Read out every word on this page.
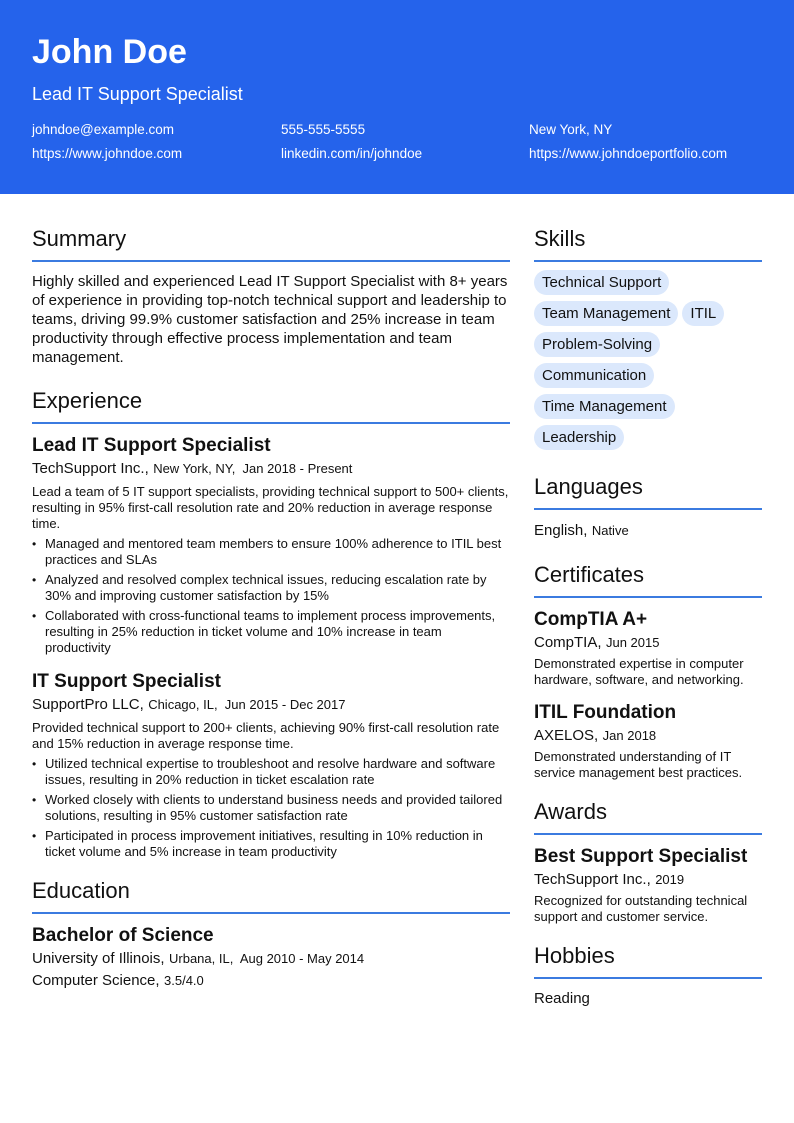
John Doe
Lead IT Support Specialist
johndoe@example.com	555-555-5555	New York, NY
https://www.johndoe.com	linkedin.com/in/johndoe	https://www.johndoeportfolio.com
Summary

Highly skilled and experienced Lead IT Support Specialist with 8+ years of experience in providing top-notch technical support and leadership to teams, driving 99.9% customer satisfaction and 25% increase in team productivity through effective process implementation and team management.

Experience
Lead IT Support Specialist
TechSupport Inc., New York, NY,  Jan 2018 - Present

Lead a team of 5 IT support specialists, providing technical support to 500+ clients, resulting in 95% first-call resolution rate and 20% reduction in average response time.

• Managed and mentored team members to ensure 100% adherence to ITIL best practices and SLAs
• Analyzed and resolved complex technical issues, reducing escalation rate by 30% and improving customer satisfaction by 15%
• Collaborated with cross-functional teams to implement process improvements, resulting in 25% reduction in ticket volume and 10% increase in team productivity
IT Support Specialist
SupportPro LLC, Chicago, IL,  Jun 2015 - Dec 2017

Provided technical support to 200+ clients, achieving 90% first-call resolution rate and 15% reduction in average response time.

• Utilized technical expertise to troubleshoot and resolve hardware and software issues, resulting in 20% reduction in ticket escalation rate
• Worked closely with clients to understand business needs and provided tailored solutions, resulting in 95% customer satisfaction rate
• Participated in process improvement initiatives, resulting in 10% reduction in ticket volume and 5% increase in team productivity
Education
Bachelor of Science
University of Illinois, Urbana, IL,  Aug 2010 - May 2014
Computer Science, 3.5/4.0
Skills
Technical Support
Team Management ITIL
Problem-Solving
Communication
Time Management
Leadership
Languages
English, Native
Certificates
CompTIA A+
CompTIA, Jun 2015

Demonstrated expertise in computer hardware, software, and networking.

ITIL Foundation
AXELOS, Jan 2018

Demonstrated understanding of IT service management best practices.

Awards
Best Support Specialist
TechSupport Inc., 2019

Recognized for outstanding technical support and customer service.

Hobbies
Reading
